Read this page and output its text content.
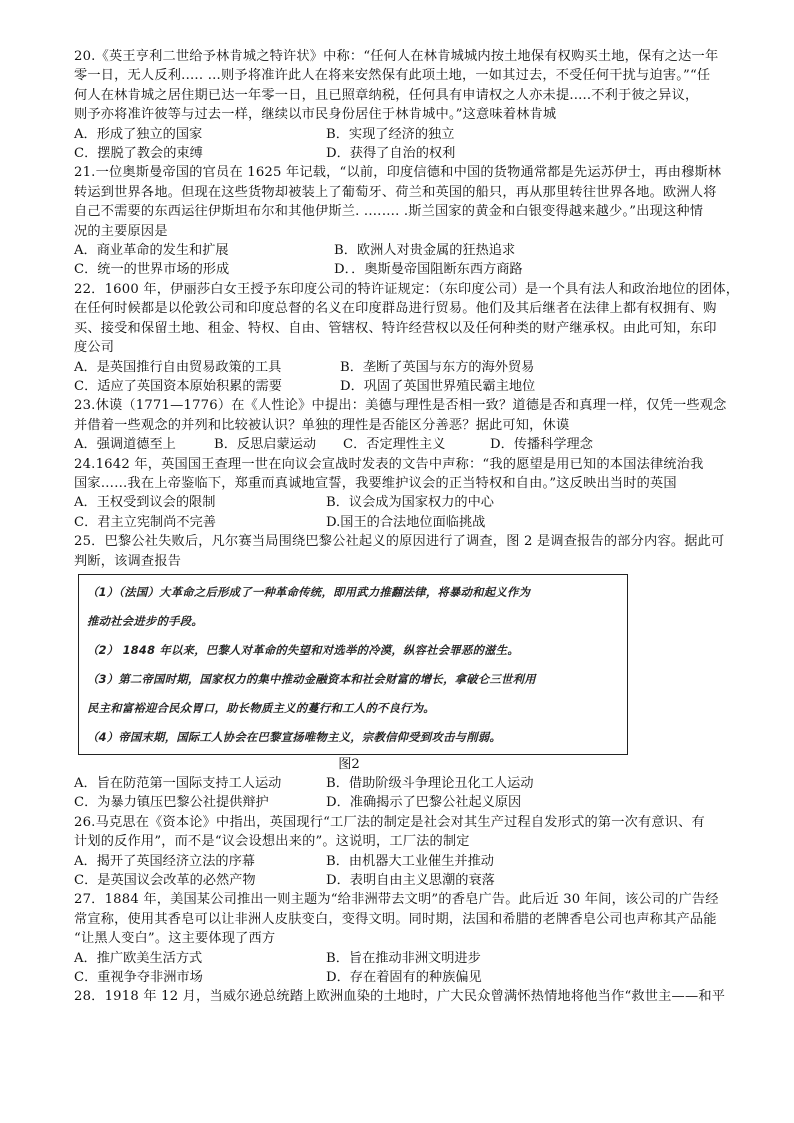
20.《英王亨利二世给予林肯城之特许状》中称：“任何人在林肯城城内按土地保有权购买土地，保有之达一年
零一日，无人反利.…. …则予将准许此人在将来安然保有此项土地，一如其过去，不受任何干扰与迫害。”“任
何人在林肯城之居住期已达一年零一日，且已照章纳税，任何具有申请权之人亦未提.....不利于彼之异议，
则予亦将准许彼等与过去一样，继续以市民身份居住于林肯城中。”这意味着林肯城
A．形成了独立的国家	B．实现了经济的独立
C．摆脱了教会的束缚	D．获得了自治的权利
21.一位奥斯曼帝国的官员在 1625 年记载，“以前，印度信德和中国的货物通常都是先运苏伊士，再由穆斯林
转运到世界各地。但现在这些货物却被装上了葡萄牙、荷兰和英国的船只，再从那里转往世界各地。欧洲人将
自己不需要的东西运往伊斯坦布尔和其他伊斯兰. .……. .斯兰国家的黄金和白银变得越来越少。”出现这种情
况的主要原因是
A．商业革命的发生和扩展	B．欧洲人对贵金属的狂热追求
C．统一的世界市场的形成	D．．奥斯曼帝国阻断东西方商路
22．1600 年，伊丽莎白女王授予东印度公司的特许证规定：（东印度公司）是一个具有法人和政治地位的团体，
在任何时候都是以伦敦公司和印度总督的名义在印度群岛进行贸易。他们及其后继者在法律上都有权拥有、购
买、接受和保留土地、租金、特权、自由、管辖权、特许经营权以及任何种类的财产继承权。由此可知，东印
度公司
A．是英国推行自由贸易政策的工具	B．垄断了英国与东方的海外贸易
C．适应了英国资本原始积累的需要	D．巩固了英国世界殖民霸主地位
23.休谟（1771—1776）在《人性论》中提出：美德与理性是否相一致？道德是否和真理一样，仅凭一些观念
并借着一些观念的并列和比较被认识？单独的理性是否能区分善恶？据此可知，休谟
A．强调道德至上	B．反思启蒙运动	C．否定理性主义	D．传播科学理念
24.1642 年，英国国王查理一世在向议会宣战时发表的文告中声称：“我的愿望是用已知的本国法律统治我
国家……我在上帝鉴临下，郑重而真诚地宣誓，我要维护议会的正当特权和自由。”这反映出当时的英国
A．王权受到议会的限制	B．议会成为国家权力的中心
C．君主立宪制尚不完善	D.国王的合法地位面临挑战
25．巴黎公社失败后，凡尔赛当局围绕巴黎公社起义的原因进行了调查，图 2 是调查报告的部分内容。据此可
判断，该调查报告
（1）（法国）大革命之后形成了一种革命传统，即用武力推翻法律，将暴动和起义作为
推动社会进步的手段。
（2） 1848 年以来，巴黎人对革命的失望和对选举的冷漠，纵容社会罪恶的滋生。
（3）第二帝国时期，国家权力的集中推动金融资本和社会财富的增长，拿破仑三世利用
民主和富裕迎合民众胃口，助长物质主义的蔓行和工人的不良行为。
（4）帝国末期，国际工人协会在巴黎宣扬唯物主义，宗教信仰受到攻击与削弱。
图2
A．旨在防范第一国际支持工人运动	B．借助阶级斗争理论丑化工人运动
C．为暴力镇压巴黎公社提供辩护	D．准确揭示了巴黎公社起义原因
26.马克思在《资本论》中指出，英国现行“工厂法的制定是社会对其生产过程自发形式的第一次有意识、有
计划的反作用”，而不是“议会设想出来的”。这说明，工厂法的制定
A．揭开了英国经济立法的序幕	B．由机器大工业催生并推动
C．是英国议会改革的必然产物	D．表明自由主义思潮的衰落
27．1884 年，美国某公司推出一则主题为“给非洲带去文明”的香皂广告。此后近 30 年间，该公司的广告经
常宣称，使用其香皂可以让非洲人皮肤变白，变得文明。同时期，法国和希腊的老牌香皂公司也声称其产品能
“让黑人变白”。这主要体现了西方
A．推广欧美生活方式	B．旨在推动非洲文明进步
C．重视争夺非洲市场	D．存在着固有的种族偏见
28．1918 年 12 月，当威尔逊总统踏上欧洲血染的土地时，广大民众曾满怀热情地将他当作“救世主——和平
